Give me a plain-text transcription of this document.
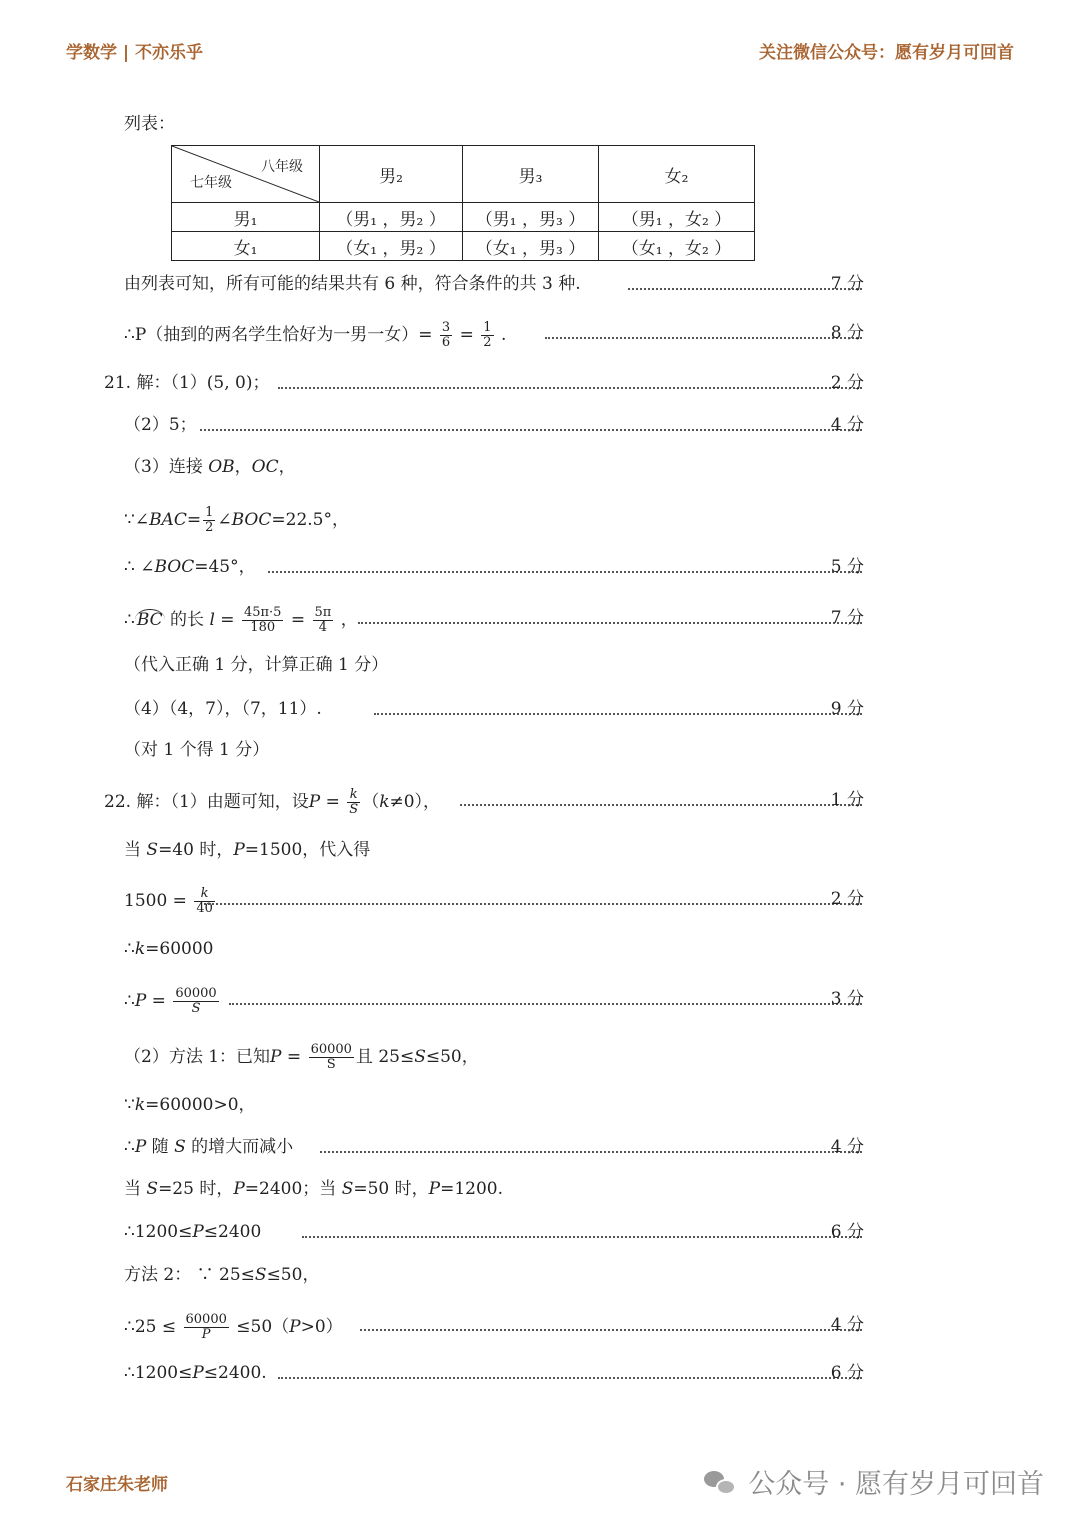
学数学 | 不亦乐乎	关注微信公众号：愿有岁月可回首
列表：
八年级
七年级	男₂	男₃	女₂
男₁	（男₁ ，男₂ ）	（男₁ ，男₃ ）	（男₁ ，女₂ ）
女₁	（女₁ ，男₂ ）	（女₁ ，男₃ ）	（女₁ ，女₂ ）
由列表可知，所有可能的结果共有 6 种，符合条件的共 3 种.	7 分
∴P（抽到的两名学生恰好为一男一女）= $\frac{3}{6} = \frac{1}{2}$ .	8 分
21. 解：（1）(5, 0)；	2 分
（2）5；	4 分
（3）连接 OB，OC，
∵∠BAC= $\frac{1}{2}$ ∠BOC=22.5°，
∴ ∠BOC=45°，	5 分
∴ BC 的长 $l = \frac{45\pi\cdot 5}{180} = \frac{5\pi}{4}$ ，	7 分
（代入正确 1 分，计算正确 1 分）
（4）（4，7），（7，11）.	9 分
（对 1 个得 1 分）
22. 解：（1）由题可知，设$P = \frac{k}{S} (k\ne 0)$，	1 分
当 S=40 时，P=1500，代入得
$1500 = \frac{k}{40}$	2 分
∴k=60000
∴P = $\frac{60000}{S}$	3 分
（2）方法 1：已知$P = \frac{60000}{S}$ 且 25≤S≤50，
∵k=60000>0，
∴P 随 S 的增大而减小	4 分
当 S=25 时，P=2400；当 S=50 时，P=1200.
∴1200≤P≤2400	6 分
方法 2： ∵ 25≤S≤50，
∴25 ≤ $\frac{60000}{P} \le 50(P>0)$	4 分
∴1200≤P≤2400.	6 分
石家庄朱老师	公众号 · 愿有岁月可回首
